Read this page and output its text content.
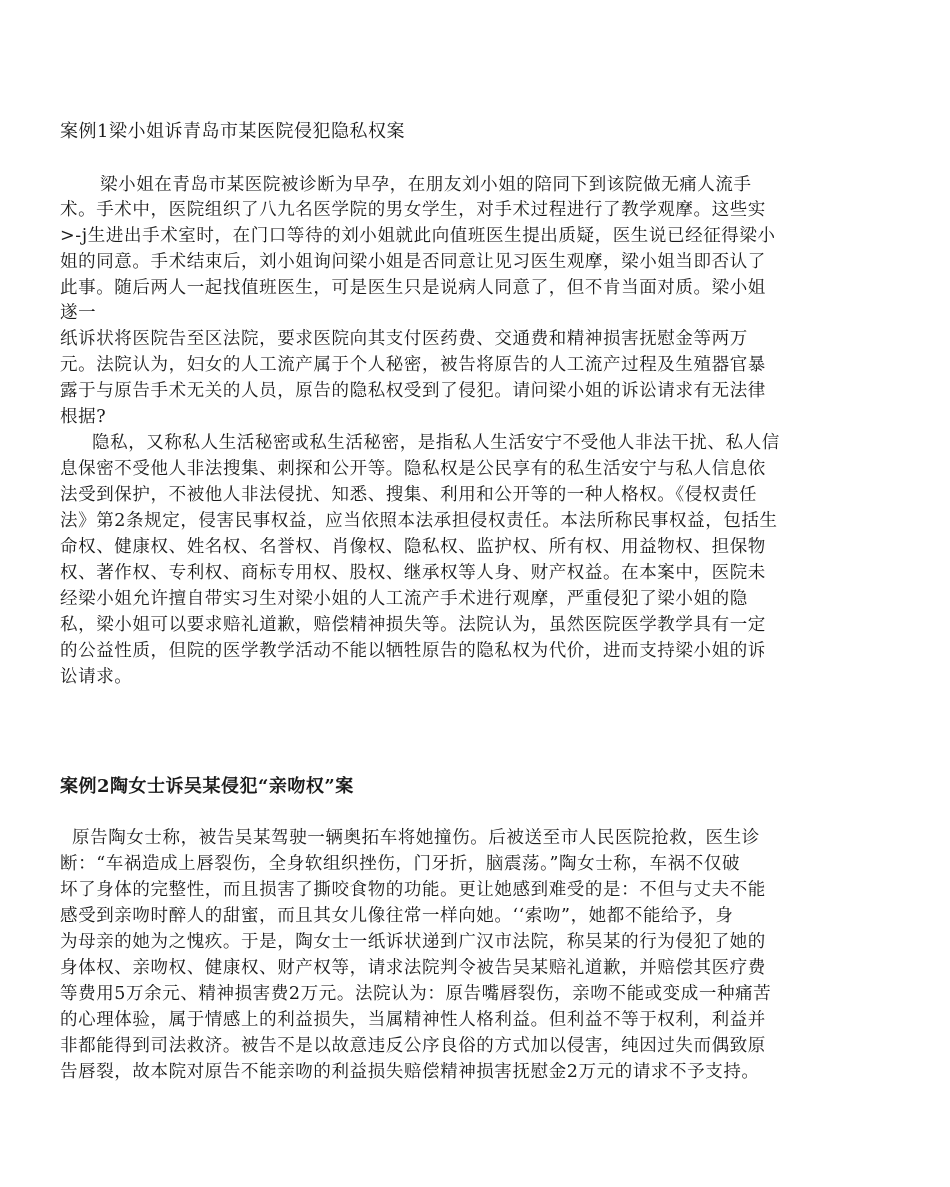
案例1梁小姐诉青岛市某医院侵犯隐私权案
梁小姐在青岛市某医院被诊断为早孕，在朋友刘小姐的陪同下到该院做无痛人流手
术。手术中，医院组织了八九名医学院的男女学生，对手术过程进行了教学观摩。这些实
>-j生进出手术室时，在门口等待的刘小姐就此向值班医生提出质疑，医生说已经征得梁小
姐的同意。手术结束后，刘小姐询问梁小姐是否同意让见习医生观摩，梁小姐当即否认了
此事。随后两人一起找值班医生，可是医生只是说病人同意了，但不肯当面对质。梁小姐
遂一
纸诉状将医院告至区法院，要求医院向其支付医药费、交通费和精神损害抚慰金等两万
元。法院认为，妇女的人工流产属于个人秘密，被告将原告的人工流产过程及生殖器官暴
露于与原告手术无关的人员，原告的隐私权受到了侵犯。请问梁小姐的诉讼请求有无法律
根据?
隐私，又称私人生活秘密或私生活秘密，是指私人生活安宁不受他人非法干扰、私人信
息保密不受他人非法搜集、刺探和公开等。隐私权是公民享有的私生活安宁与私人信息依
法受到保护，不被他人非法侵扰、知悉、搜集、利用和公开等的一种人格权。《侵权责任
法》第2条规定，侵害民事权益，应当依照本法承担侵权责任。本法所称民事权益，包括生
命权、健康权、姓名权、名誉权、肖像权、隐私权、监护权、所有权、用益物权、担保物
权、著作权、专利权、商标专用权、股权、继承权等人身、财产权益。在本案中，医院未
经梁小姐允许擅自带实习生对梁小姐的人工流产手术进行观摩，严重侵犯了梁小姐的隐
私，梁小姐可以要求赔礼道歉，赔偿精神损失等。法院认为，虽然医院医学教学具有一定
的公益性质，但院的医学教学活动不能以牺牲原告的隐私权为代价，进而支持梁小姐的诉
讼请求。
案例2陶女士诉吴某侵犯“亲吻权”案
原告陶女士称，被告吴某驾驶一辆奥拓车将她撞伤。后被送至市人民医院抢救，医生诊
断：“车祸造成上唇裂伤，全身软组织挫伤，门牙折，脑震荡。”陶女士称，车祸不仅破
坏了身体的完整性，而且损害了撕咬食物的功能。更让她感到难受的是：不但与丈夫不能
感受到亲吻时醉人的甜蜜，而且其女儿像往常一样向她。‘‘索吻”，她都不能给予，身
为母亲的她为之愧疚。于是，陶女士一纸诉状递到广汉市法院，称吴某的行为侵犯了她的
身体权、亲吻权、健康权、财产权等，请求法院判令被告吴某赔礼道歉，并赔偿其医疗费
等费用5万余元、精神损害费2万元。法院认为：原告嘴唇裂伤，亲吻不能或变成一种痛苦
的心理体验，属于情感上的利益损失，当属精神性人格利益。但利益不等于权利，利益并
非都能得到司法救济。被告不是以故意违反公序良俗的方式加以侵害，纯因过失而偶致原
告唇裂，故本院对原告不能亲吻的利益损失赔偿精神损害抚慰金2万元的请求不予支持。
